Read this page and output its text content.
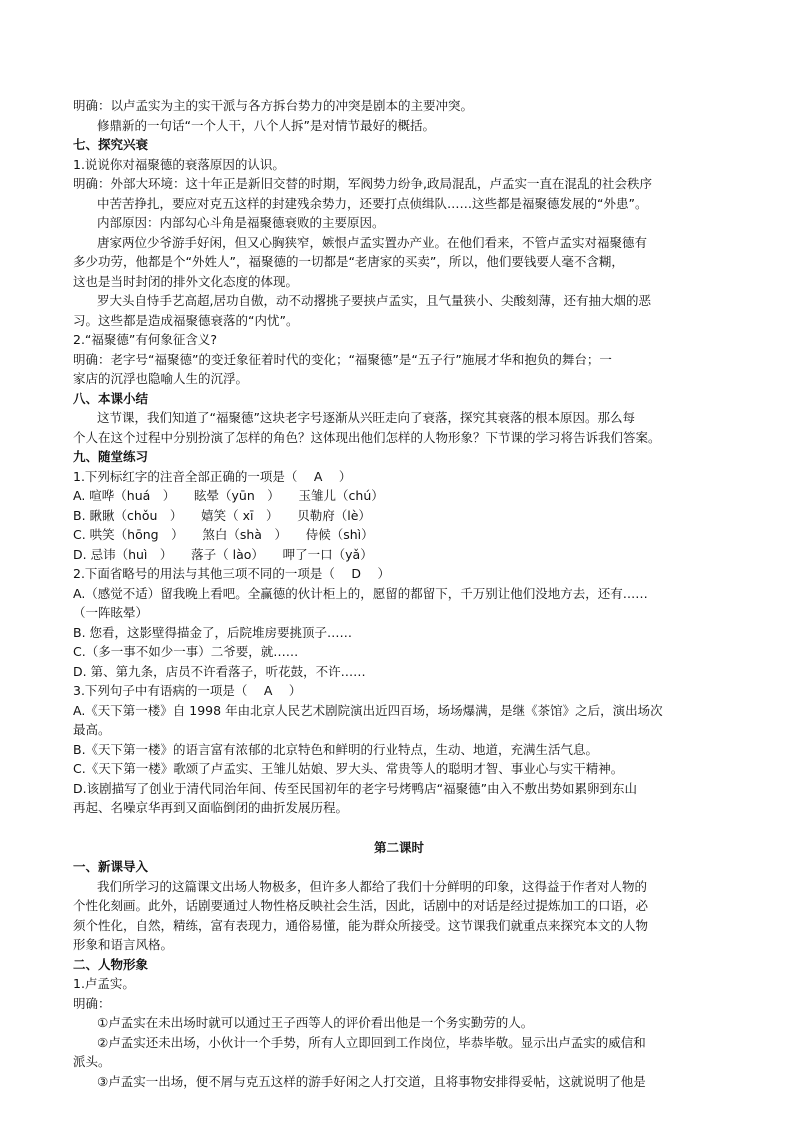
明确：以卢孟实为主的实干派与各方拆台势力的冲突是剧本的主要冲突。
修鼎新的一句话“一个人干，八个人拆”是对情节最好的概括。
七、探究兴衰
1.说说你对福聚德的衰落原因的认识。
明确：外部大环境：这十年正是新旧交替的时期，军阀势力纷争,政局混乱，卢孟实一直在混乱的社会秩序
中苦苦挣扎，要应对克五这样的封建残余势力，还要打点侦缉队……这些都是福聚德发展的“外患”。
内部原因：内部勾心斗角是福聚德衰败的主要原因。
唐家两位少爷游手好闲，但又心胸狭窄，嫉恨卢孟实置办产业。在他们看来，不管卢孟实对福聚德有
多少功劳，他都是个“外姓人”，福聚德的一切都是“老唐家的买卖”，所以，他们要钱要人毫不含糊，
这也是当时封闭的排外文化态度的体现。
罗大头自恃手艺高超,居功自傲，动不动撂挑子要挟卢孟实，且气量狭小、尖酸刻薄，还有抽大烟的恶
习。这些都是造成福聚德衰落的“内忧”。
2.“福聚德”有何象征含义?
明确：老字号“福聚德”的变迁象征着时代的变化；“福聚德”是“五子行”施展才华和抱负的舞台；一
家店的沉浮也隐喻人生的沉浮。
八、本课小结
这节课，我们知道了“福聚德”这块老字号逐渐从兴旺走向了衰落，探究其衰落的根本原因。那么每
个人在这个过程中分别扮演了怎样的角色？这体现出他们怎样的人物形象？下节课的学习将告诉我们答案。
九、随堂练习
1.下列标红字的注音全部正确的一项是（　 A　 ）
A. 喧哗（huá　）　　眩晕（yūn　）　　玉雏儿（chú）
B. 瞅瞅（chǒu　）　　嬉笑（ xī　）　　贝勒府（lè）
C. 哄笑（hōng　）　　煞白（shà　）　　侍候（shì）
D. 忌讳（huì　）　　落子（ lào）　　呷了一口（yǎ）
2.下面省略号的用法与其他三项不同的一项是（　 D　 ）
A.（感觉不适）留我晚上看吧。全赢德的伙计柜上的，愿留的都留下，千万别让他们没地方去，还有……
（一阵眩晕）
B. 您看，这影壁得描金了，后院堆房要挑顶子……
C.（多一事不如少一事）二爷要，就……
D. 第、第九条，店员不许看落子，听花鼓，不许……
3.下列句子中有语病的一项是（　 A　 ）
A.《天下第一楼》自 1998 年由北京人民艺术剧院演出近四百场，场场爆满，是继《茶馆》之后，演出场次
最高。
B.《天下第一楼》的语言富有浓郁的北京特色和鲜明的行业特点，生动、地道，充满生活气息。
C.《天下第一楼》歌颂了卢孟实、王雏儿姑娘、罗大头、常贵等人的聪明才智、事业心与实干精神。
D.该剧描写了创业于清代同治年间、传至民国初年的老字号烤鸭店“福聚德”由入不敷出势如累卵到东山
再起、名噪京华再到又面临倒闭的曲折发展历程。
第二课时
一、新课导入
我们所学习的这篇课文出场人物极多，但许多人都给了我们十分鲜明的印象，这得益于作者对人物的
个性化刻画。此外，话剧要通过人物性格反映社会生活，因此，话剧中的对话是经过提炼加工的口语，必
须个性化，自然，精练，富有表现力，通俗易懂，能为群众所接受。这节课我们就重点来探究本文的人物
形象和语言风格。
二、人物形象
1.卢孟实。
明确：
①卢孟实在未出场时就可以通过王子西等人的评价看出他是一个务实勤劳的人。
②卢孟实还未出场，小伙计一个手势，所有人立即回到工作岗位，毕恭毕敬。显示出卢孟实的威信和
派头。
③卢孟实一出场，便不屑与克五这样的游手好闲之人打交道，且将事物安排得妥帖，这就说明了他是
